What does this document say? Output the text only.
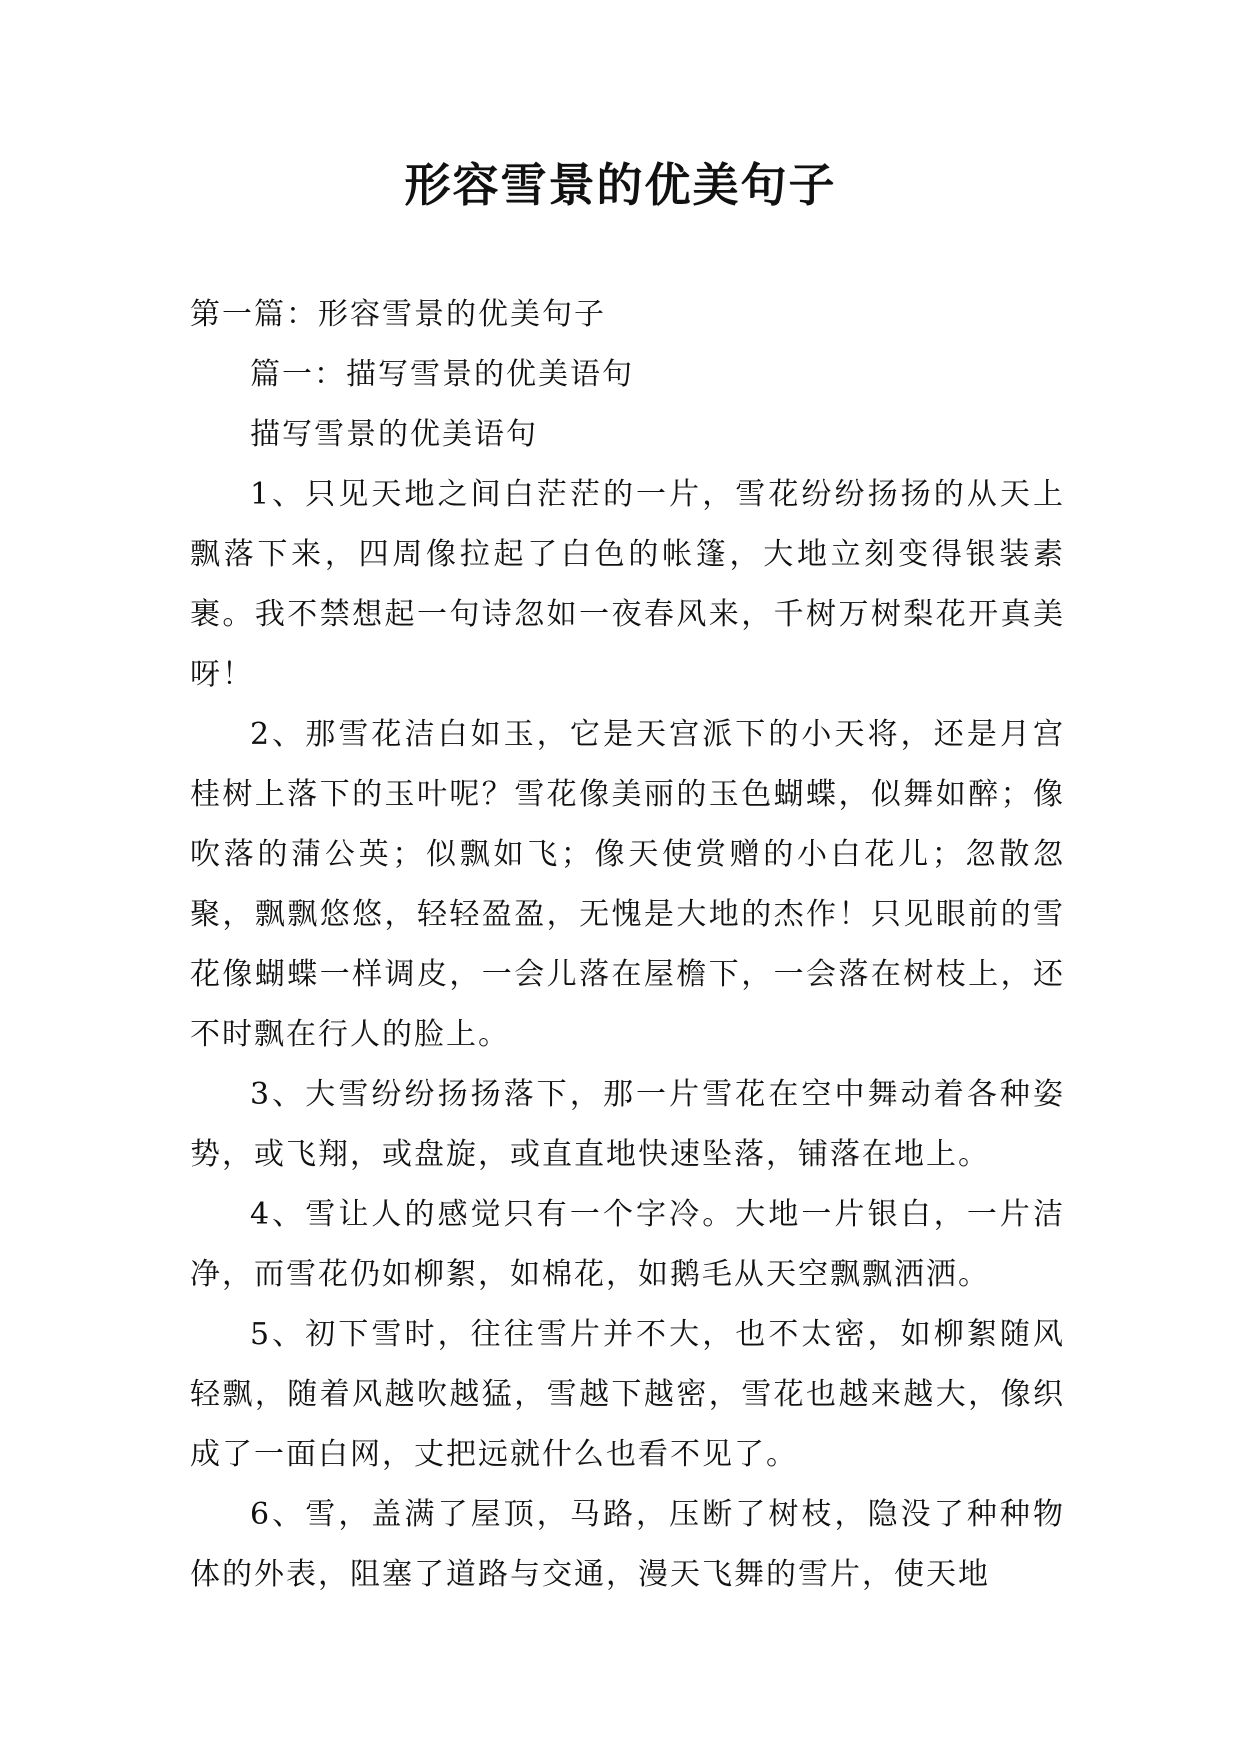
形容雪景的优美句子

第一篇：形容雪景的优美句子

篇一：描写雪景的优美语句

描写雪景的优美语句

1、只见天地之间白茫茫的一片，雪花纷纷扬扬的从天上飘落下来，四周像拉起了白色的帐篷，大地立刻变得银装素裹。我不禁想起一句诗忽如一夜春风来，千树万树梨花开真美呀！

2、那雪花洁白如玉，它是天宫派下的小天将，还是月宫桂树上落下的玉叶呢？雪花像美丽的玉色蝴蝶，似舞如醉；像吹落的蒲公英；似飘如飞；像天使赏赠的小白花儿；忽散忽聚，飘飘悠悠，轻轻盈盈，无愧是大地的杰作！只见眼前的雪花像蝴蝶一样调皮，一会儿落在屋檐下，一会落在树枝上，还不时飘在行人的脸上。

3、大雪纷纷扬扬落下，那一片雪花在空中舞动着各种姿势，或飞翔，或盘旋，或直直地快速坠落，铺落在地上。

4、雪让人的感觉只有一个字冷。大地一片银白，一片洁净，而雪花仍如柳絮，如棉花，如鹅毛从天空飘飘洒洒。

5、初下雪时，往往雪片并不大，也不太密，如柳絮随风轻飘，随着风越吹越猛，雪越下越密，雪花也越来越大，像织成了一面白网，丈把远就什么也看不见了。

6、雪，盖满了屋顶，马路，压断了树枝，隐没了种种物体的外表，阻塞了道路与交通，漫天飞舞的雪片，使天地
